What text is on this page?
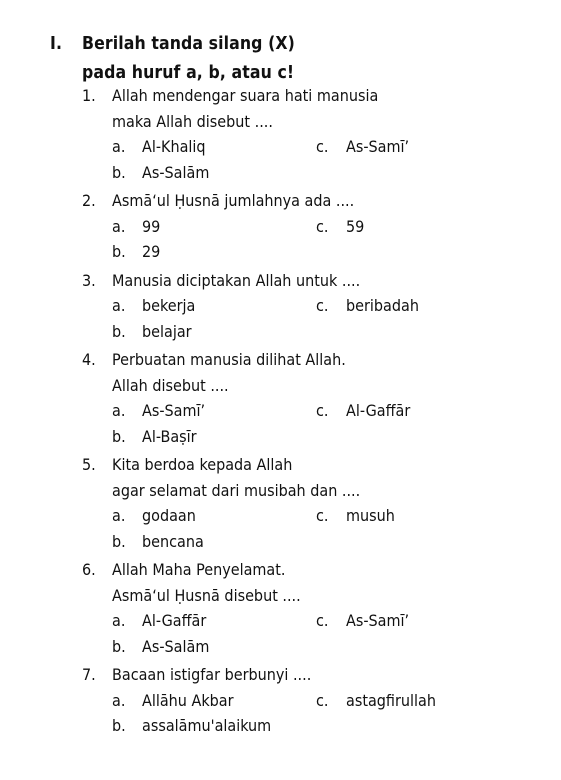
I. Berilah tanda silang (X)
pada huruf a, b, atau c!
1.	Allah mendengar suara hati manusia
maka Allah disebut ....
a.	Al-Khaliq	c.	As-Samī’
b.	As-Salām
2.	Asmā‘ul Ḥusnā jumlahnya ada ....
a.	99	c.	59
b.	29
3.	Manusia diciptakan Allah untuk ....
a.	bekerja	c.	beribadah
b.	belajar
4.	Perbuatan manusia dilihat Allah.
Allah disebut ....
a.	As-Samī’	c.	Al-Gaffār
b.	Al-Baṣīr
5.	Kita berdoa kepada Allah
agar selamat dari musibah dan ....
a.	godaan	c.	musuh
b.	bencana
6.	Allah Maha Penyelamat.
Asmā‘ul Ḥusnā disebut ....
a.	Al-Gaffār	c.	As-Samī’
b.	As-Salām
7.	Bacaan istigfar berbunyi ....
a.	Allāhu Akbar	c.	astagfirullah
b.	assalāmu'alaikum
